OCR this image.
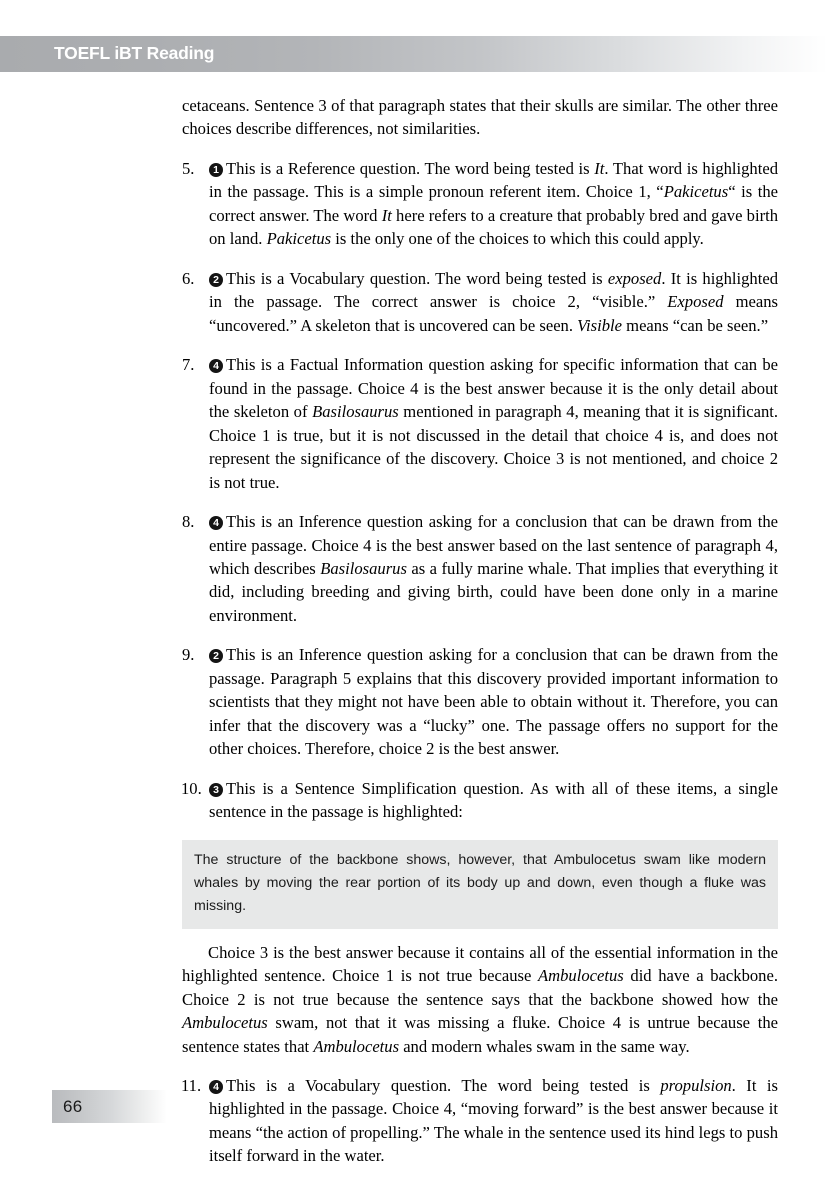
TOEFL iBT Reading

cetaceans. Sentence 3 of that paragraph states that their skulls are similar. The other three choices describe differences, not similarities.

5.	1 This is a Reference question. The word being tested is It. That word is highlighted in the passage. This is a simple pronoun referent item. Choice 1, “Pakicetus“ is the correct answer. The word It here refers to a creature that probably bred and gave birth on land. Pakicetus is the only one of the choices to which this could apply.
6.	2 This is a Vocabulary question. The word being tested is exposed. It is highlighted in the passage. The correct answer is choice 2, “visible.” Exposed means “uncovered.” A skeleton that is uncovered can be seen. Visible means “can be seen.”
7.	4 This is a Factual Information question asking for specific information that can be found in the passage. Choice 4 is the best answer because it is the only detail about the skeleton of Basilosaurus mentioned in paragraph 4, meaning that it is significant. Choice 1 is true, but it is not discussed in the detail that choice 4 is, and does not represent the significance of the discovery. Choice 3 is not mentioned, and choice 2 is not true.
8.	4 This is an Inference question asking for a conclusion that can be drawn from the entire passage. Choice 4 is the best answer based on the last sentence of paragraph 4, which describes Basilosaurus as a fully marine whale. That implies that everything it did, including breeding and giving birth, could have been done only in a marine environment.
9.	2 This is an Inference question asking for a conclusion that can be drawn from the passage. Paragraph 5 explains that this discovery provided important information to scientists that they might not have been able to obtain without it. Therefore, you can infer that the discovery was a “lucky” one. The passage offers no support for the other choices. Therefore, choice 2 is the best answer.
10.	3 This is a Sentence Simplification question. As with all of these items, a single sentence in the passage is highlighted:

The structure of the backbone shows, however, that Ambulocetus swam like modern whales by moving the rear portion of its body up and down, even though a fluke was missing.

Choice 3 is the best answer because it contains all of the essential information in the highlighted sentence. Choice 1 is not true because Ambulocetus did have a backbone. Choice 2 is not true because the sentence says that the backbone showed how the Ambulocetus swam, not that it was missing a fluke. Choice 4 is untrue because the sentence states that Ambulocetus and modern whales swam in the same way.

11.	4 This is a Vocabulary question. The word being tested is propulsion. It is highlighted in the passage. Choice 4, “moving forward” is the best answer because it means “the action of propelling.” The whale in the sentence used its hind legs to push itself forward in the water.
66
